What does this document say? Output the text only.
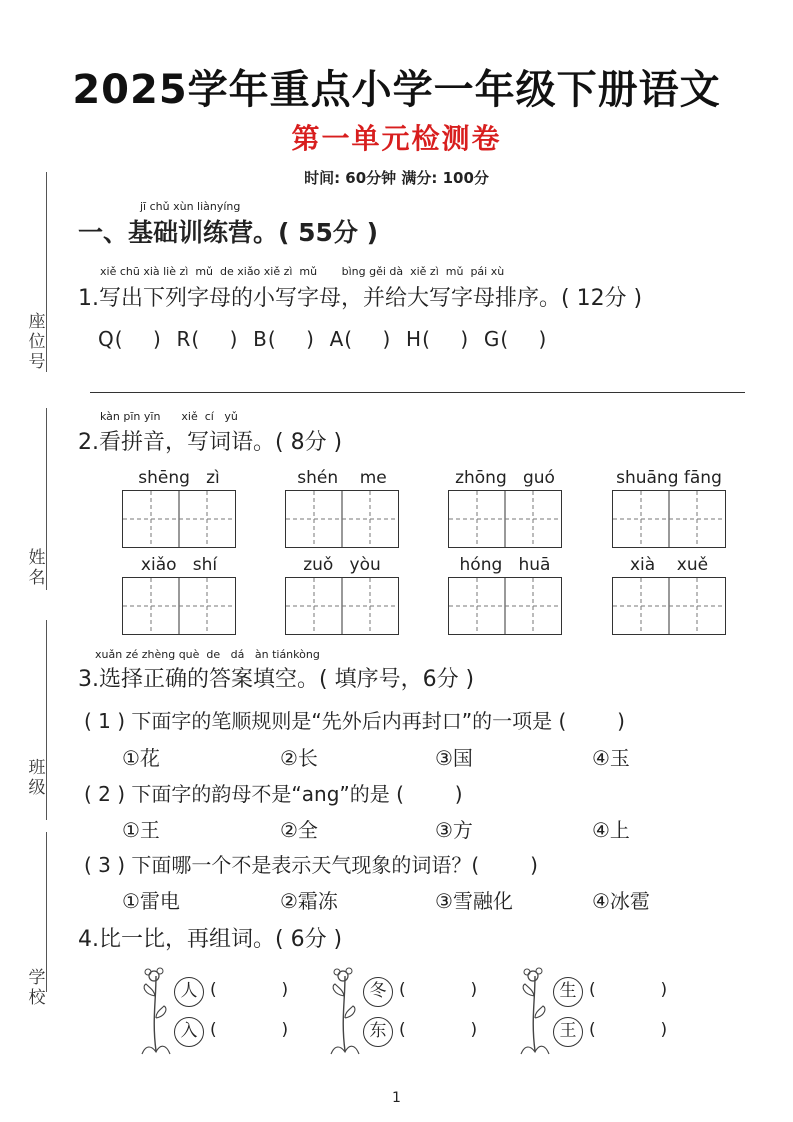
2025学年重点小学一年级下册语文
第一单元检测卷
时间: 60分钟 满分: 100分
座位号
姓名
班级
学校
jī chǔ xùn liànyíng
一、基础训练营。( 55分 )
xiě chū xià liè zì  mǔ  de xiǎo xiě zì  mǔ       bìng gěi dà  xiě zì  mǔ  pái xù
1.写出下列字母的小写字母，并给大写字母排序。( 12分 )
Q(    )  R(    )  B(    )  A(    )  H(    )  G(    )
kàn pīn yīn      xiě  cí   yǔ
2.看拼音，写词语。( 8分 )
shēng   zì	shén    me	zhōng   guó	shuāng fāng
xiǎo   shí	zuǒ   yòu	hóng   huā	xià    xuě
xuǎn zé zhèng què  de   dá   àn tiánkòng
3.选择正确的答案填空。( 填序号，6分 )
( 1 ) 下面字的笔顺规则是“先外后内再封口”的一项是 (        )
①花	②长	③国	④玉
( 2 ) 下面字的韵母不是“ang”的是 (        )
①王	②全	③方	④上
( 3 ) 下面哪一个不是表示天气现象的词语？(        )
①雷电	②霜冻	③雪融化	④冰雹
4.比一比，再组词。( 6分 )
人 (            )
入 (            )
冬 (            )
东 (            )
生 (            )
王 (            )
1
